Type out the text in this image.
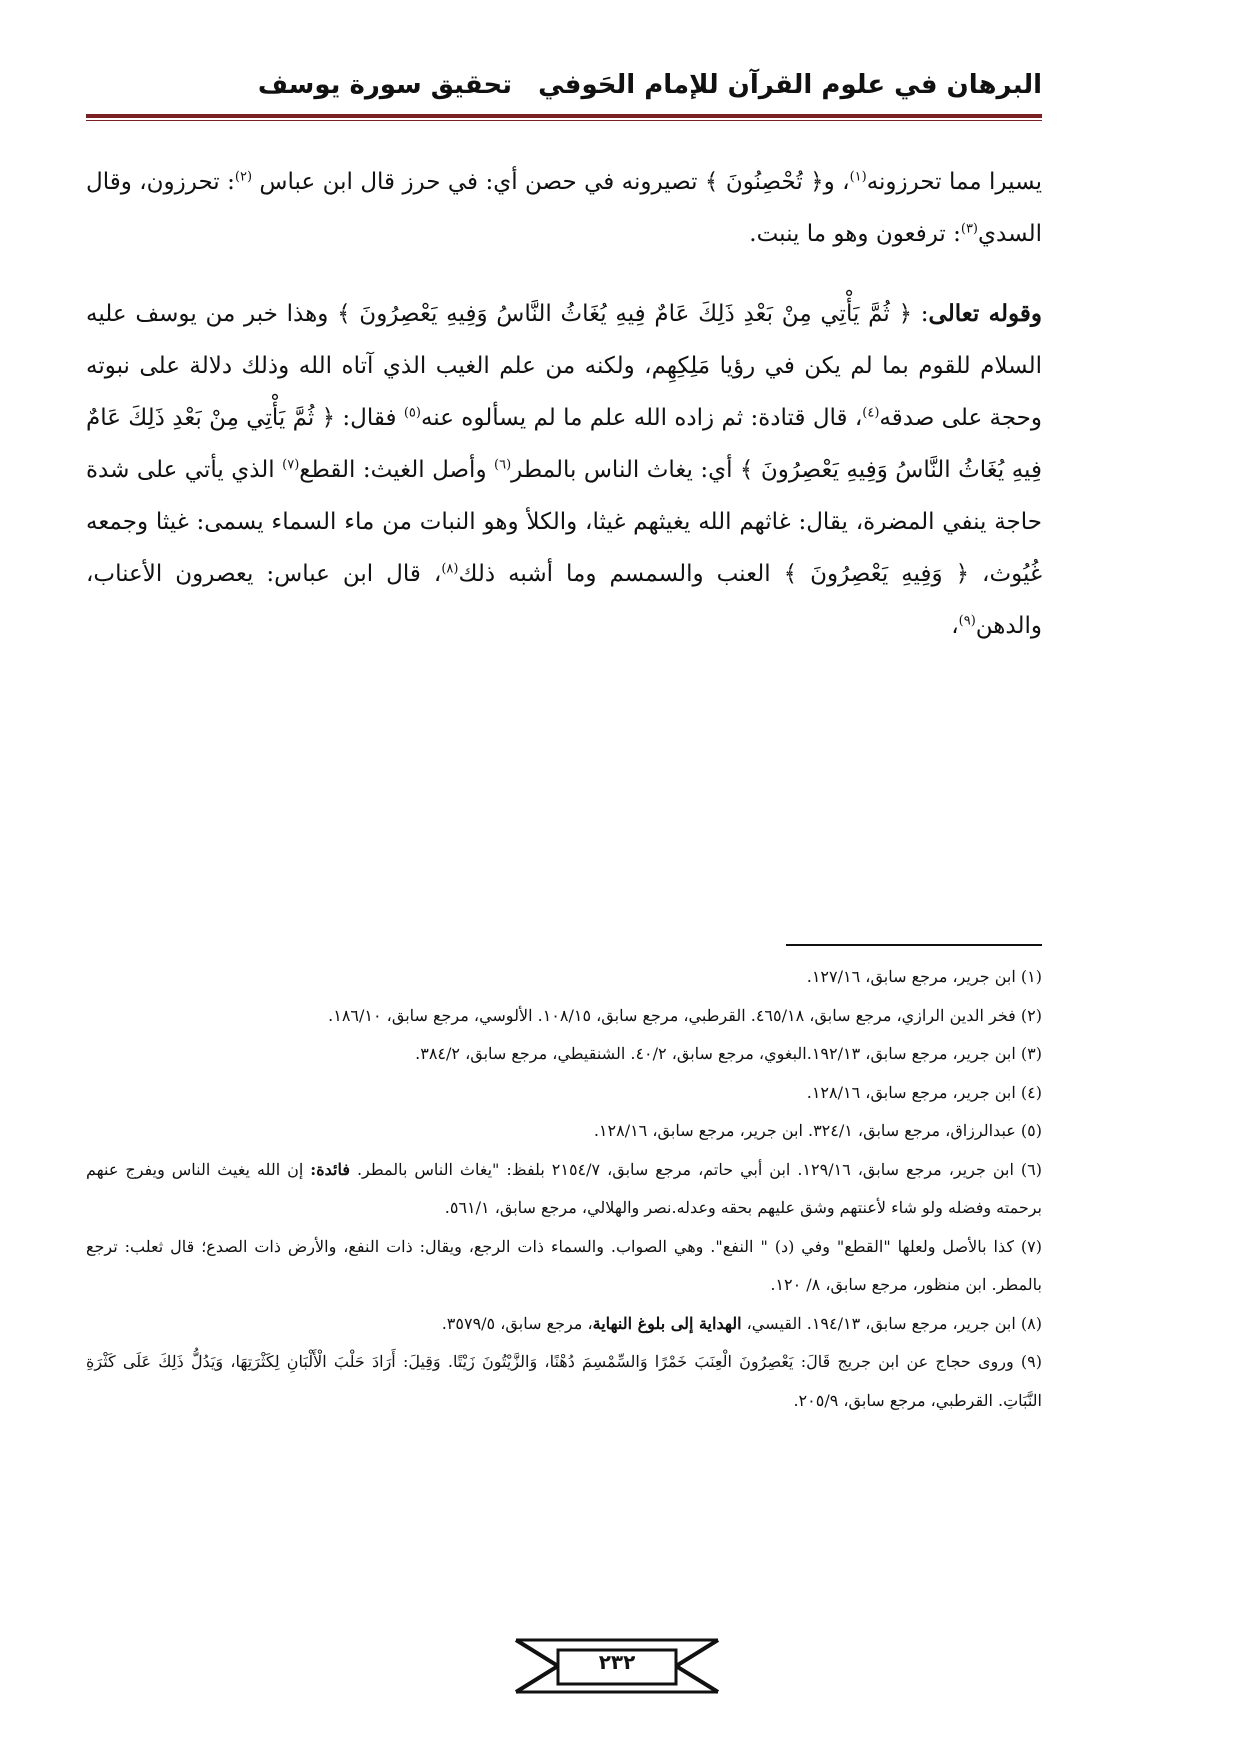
البرهان في علوم القرآن للإمام الحَوفي
تحقيق سورة يوسف

يسيرا مما تحرزونه$^{(١)}$، و﴿ تُحْصِنُونَ ﴾ تصيرونه في حصن أي: في حرز قال ابن عباس $^{(٢)}$: تحرزون، وقال السدي$^{(٣)}$: ترفعون وهو ما ينبت.

وقوله تعالى: ﴿ ثُمَّ يَأْتِي مِنْ بَعْدِ ذَلِكَ عَامٌ فِيهِ يُغَاثُ النَّاسُ وَفِيهِ يَعْصِرُونَ ﴾ وهذا خبر من يوسف عليه السلام للقوم بما لم يكن في رؤيا مَلِكِهِم، ولكنه من علم الغيب الذي آتاه الله وذلك دلالة على نبوته وحجة على صدقه$^{(٤)}$، قال قتادة: ثم زاده الله علم ما لم يسألوه عنه$^{(٥)}$ فقال: ﴿ ثُمَّ يَأْتِي مِنْ بَعْدِ ذَلِكَ عَامٌ فِيهِ يُغَاثُ النَّاسُ وَفِيهِ يَعْصِرُونَ ﴾ أي: يغاث الناس بالمطر$^{(٦)}$ وأصل الغيث: القطع$^{(٧)}$ الذي يأتي على شدة حاجة ينفي المضرة، يقال: غاثهم الله يغيثهم غيثا، والكلأ وهو النبات من ماء السماء يسمى: غيثا وجمعه غُيُوث، ﴿ وَفِيهِ يَعْصِرُونَ ﴾ العنب والسمسم وما أشبه ذلك$^{(٨)}$، قال ابن عباس: يعصرون الأعناب، والدهن$^{(٩)}$،

(١) ابن جرير، مرجع سابق، ١٢٧/١٦.

(٢) فخر الدين الرازي، مرجع سابق، ٤٦٥/١٨. القرطبي، مرجع سابق، ١٠٨/١٥. الألوسي، مرجع سابق، ١٨٦/١٠.

(٣) ابن جرير، مرجع سابق، ١٩٢/١٣.البغوي، مرجع سابق، ٤٠/٢. الشنقيطي، مرجع سابق، ٣٨٤/٢.

(٤) ابن جرير، مرجع سابق، ١٢٨/١٦.

(٥) عبدالرزاق، مرجع سابق، ٣٢٤/١. ابن جرير، مرجع سابق، ١٢٨/١٦.

(٦) ابن جرير، مرجع سابق، ١٢٩/١٦. ابن أبي حاتم، مرجع سابق، ٢١٥٤/٧ بلفظ: "يغاث الناس بالمطر. فائدة: إن الله يغيث الناس ويفرج عنهم برحمته وفضله ولو شاء لأعنتهم وشق عليهم بحقه وعدله.نصر والهلالي، مرجع سابق، ٥٦١/١.

(٧) كذا بالأصل ولعلها "القطع" وفي (د) " النفع". وهي الصواب. والسماء ذات الرجع، ويقال: ذات النفع، والأرض ذات الصدع؛ قال ثعلب: ترجع بالمطر. ابن منظور، مرجع سابق، ٨/ ١٢٠.

(٨) ابن جرير، مرجع سابق، ١٩٤/١٣. القيسي، الهداية إلى بلوغ النهاية، مرجع سابق، ٣٥٧٩/٥.

(٩) وروى حجاج عن ابن جريج قَالَ: يَعْصِرُونَ الْعِنَبَ خَمْرًا وَالسِّمْسِمَ دُهْنًا، وَالزَّيْتُونَ زَيْتًا. وَقِيلَ: أَرَادَ حَلْبَ الْأَلْبَانِ لِكَثْرَتِهَا، وَيَدُلُّ ذَلِكَ عَلَى كَثْرَةِ النَّبَاتِ. القرطبي، مرجع سابق، ٢٠٥/٩.

٢٣٢
